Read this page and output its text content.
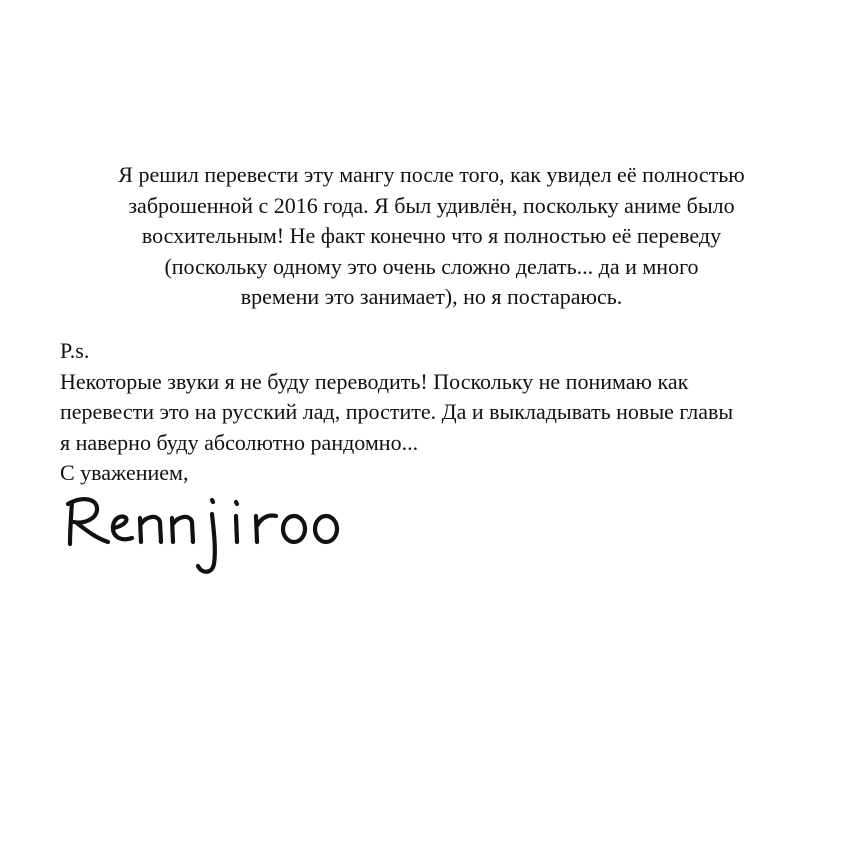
Я решил перевести эту мангу после того, как увидел её полностью
заброшенной с 2016 года. Я был удивлён, поскольку аниме было
восхительным! Не факт конечно что я полностью её переведу
(поскольку одному это очень сложно делать... да и много
времени это занимает), но я постараюсь.
P.s.
Некоторые звуки я не буду переводить! Поскольку не понимаю как
перевести это на русский лад, простите. Да и выкладывать новые главы
я наверно буду абсолютно рандомно...
С уважением,
